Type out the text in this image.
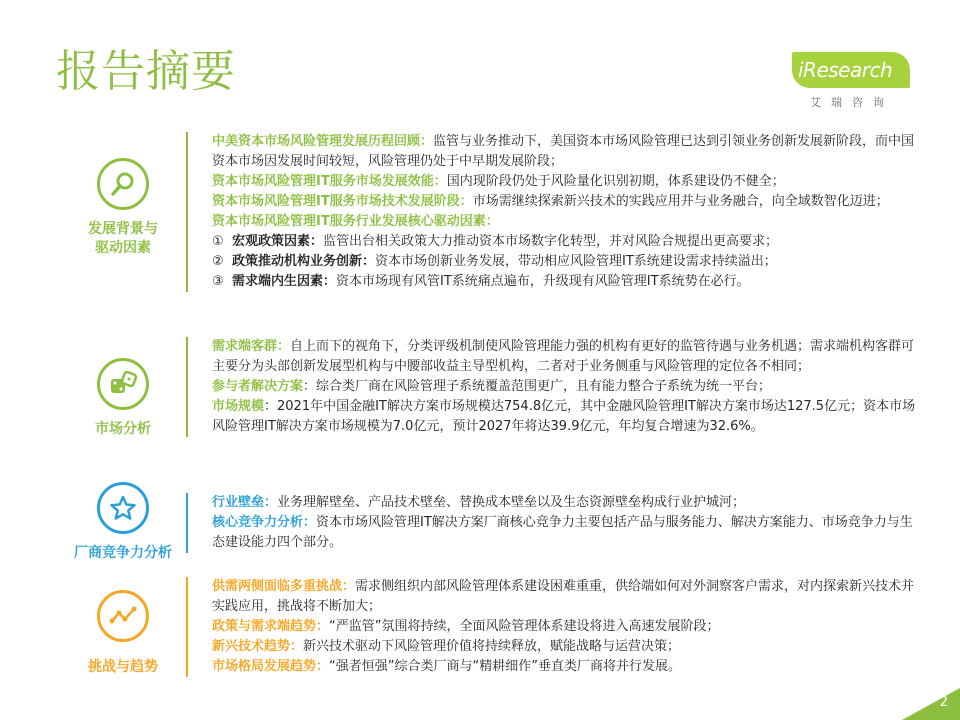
报告摘要	iResearch
艾瑞咨询
发展背景与
驱动因素

中美资本市场风险管理发展历程回顾：监管与业务推动下，美国资本市场风险管理已达到引领业务创新发展新阶段，而中国资本市场因发展时间较短，风险管理仍处于中早期发展阶段；

资本市场风险管理IT服务市场发展效能：国内现阶段仍处于风险量化识别初期，体系建设仍不健全；

资本市场风险管理IT服务市场技术发展阶段：市场需继续探索新兴技术的实践应用并与业务融合，向全域数智化迈进；

资本市场风险管理IT服务行业发展核心驱动因素：

① 宏观政策因素：监管出台相关政策大力推动资本市场数字化转型，并对风险合规提出更高要求；

② 政策推动机构业务创新：资本市场创新业务发展，带动相应风险管理IT系统建设需求持续溢出；

③ 需求端内生因素：资本市场现有风管IT系统痛点遍布，升级现有风险管理IT系统势在必行。

市场分析

需求端客群：自上而下的视角下，分类评级机制使风险管理能力强的机构有更好的监管待遇与业务机遇；需求端机构客群可主要分为头部创新发展型机构与中腰部收益主导型机构，二者对于业务侧重与风险管理的定位各不相同；

参与者解决方案：综合类厂商在风险管理子系统覆盖范围更广，且有能力整合子系统为统一平台；

市场规模：2021年中国金融IT解决方案市场规模达754.8亿元，其中金融风险管理IT解决方案市场达127.5亿元；资本市场风险管理IT解决方案市场规模为7.0亿元，预计2027年将达39.9亿元，年均复合增速为32.6%。

厂商竞争力分析

行业壁垒：业务理解壁垒、产品技术壁垒、替换成本壁垒以及生态资源壁垒构成行业护城河；

核心竞争力分析：资本市场风险管理IT解决方案厂商核心竞争力主要包括产品与服务能力、解决方案能力、市场竞争力与生态建设能力四个部分。

挑战与趋势

供需两侧面临多重挑战：需求侧组织内部风险管理体系建设困难重重，供给端如何对外洞察客户需求，对内探索新兴技术并实践应用，挑战将不断加大；

政策与需求端趋势：“严监管”氛围将持续，全面风险管理体系建设将进入高速发展阶段；

新兴技术趋势：新兴技术驱动下风险管理价值将持续释放，赋能战略与运营决策；

市场格局发展趋势：“强者恒强”综合类厂商与“精耕细作”垂直类厂商将并行发展。

2
